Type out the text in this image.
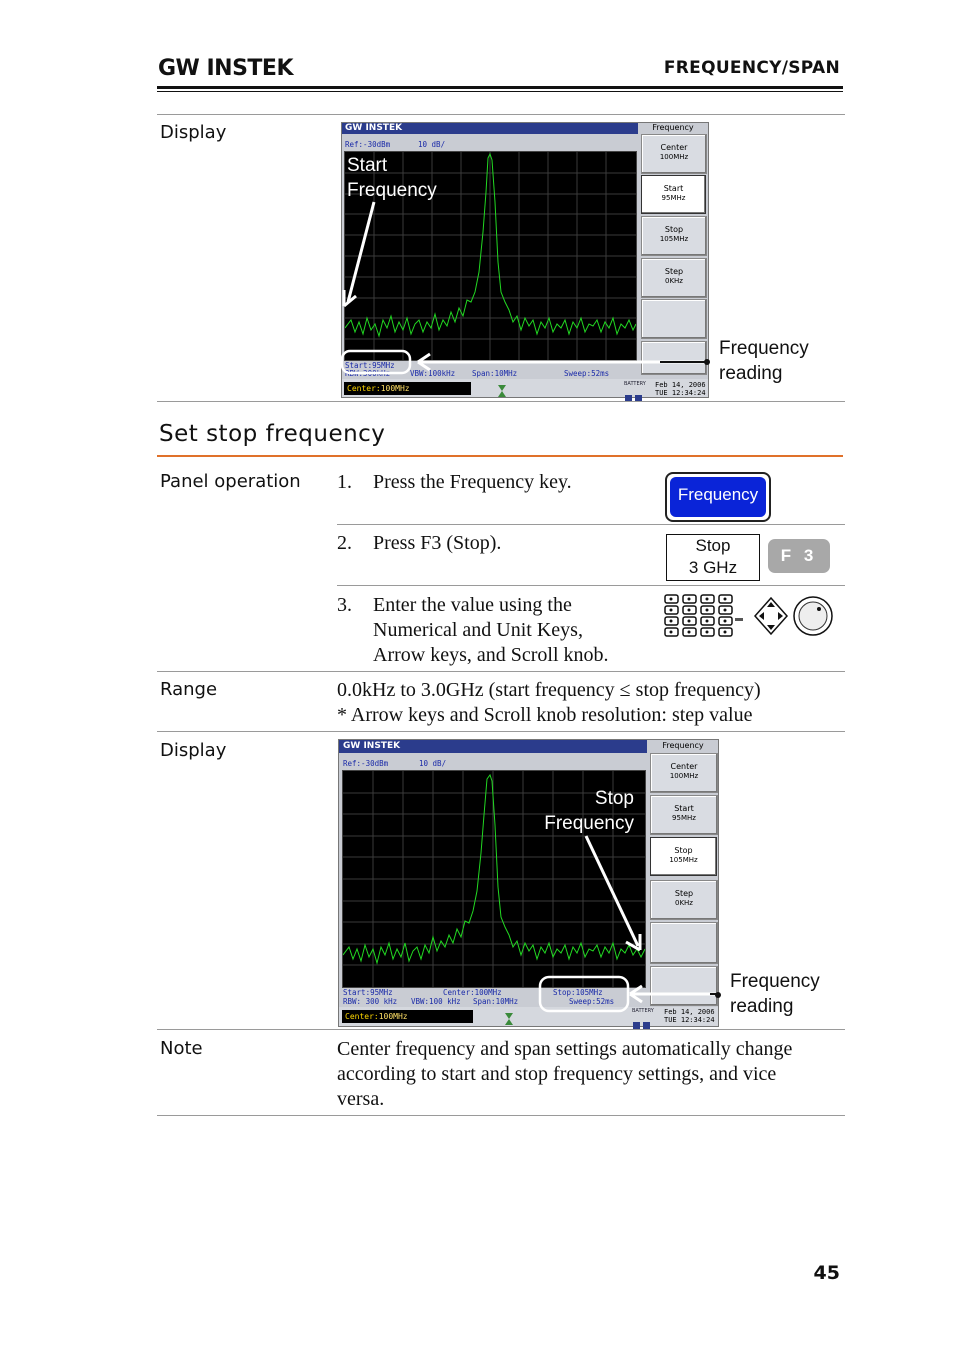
GW INSTEK	FREQUENCY/SPAN
Display	GW INSTEK	Frequency
Ref:-30dBm	10 dB/	Center
100MHz
Start
95MHz
Stop
105MHz
Step
0KHz
Start:95MHz
RBW:300kHz	VBW:100kHz Span:10MHz	Sweep:52ms
Center:100MHz	BATTERY Feb 14, 2006
TUE 12:34:24
Start
Frequency
Frequency
reading
Set stop frequency
Panel operation 1. Press the Frequency key.
Frequency
2. Press F3 (Stop).	Stop
3 GHz
F 3
3. Enter the value using the
Numerical and Unit Keys,
Arrow keys, and Scroll knob.
Range	0.0kHz to 3.0GHz (start frequency ≤ stop frequency)
* Arrow keys and Scroll knob resolution: step value
Display	GW INSTEK	Frequency
Ref:-30dBm	10 dB/	Center
100MHz
Start
95MHz
Stop
105MHz
Step
0KHz
Start:95MHz	Center:100MHz	Stop:105MHz
RBW: 300 kHz VBW:100 kHz Span:10MHz	Sweep:52ms
Center:100MHz
BATTERY Feb 14, 2006
TUE 12:34:24
Stop
Frequency
Frequency
reading
Note	Center frequency and span settings automatically change
according to start and stop frequency settings, and vice
versa.
45
